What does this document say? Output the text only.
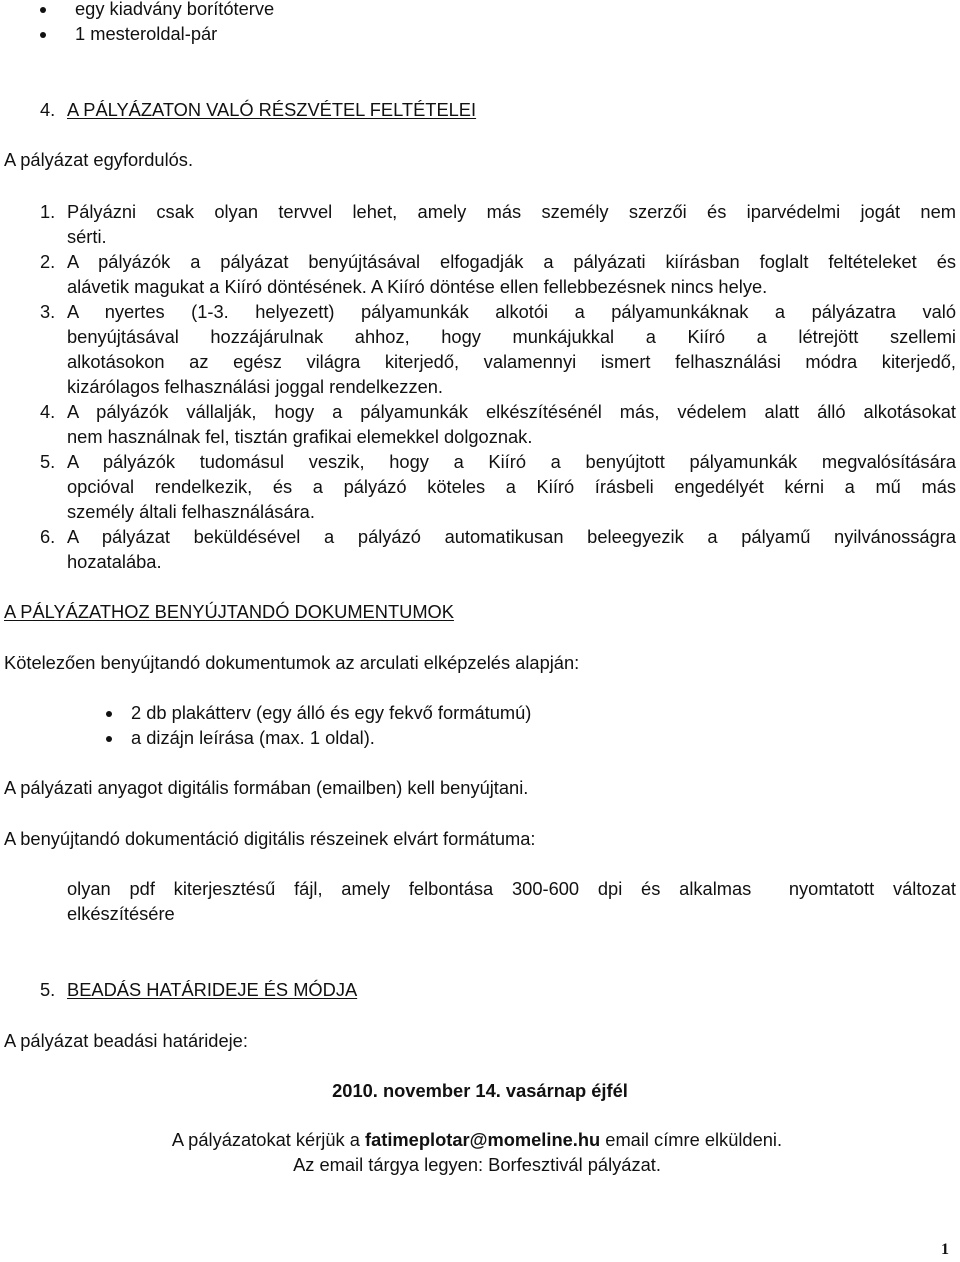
egy kiadvány borítóterve
1 mesteroldal-pár
4. A PÁLYÁZATON VALÓ RÉSZVÉTEL FELTÉTELEI
A pályázat egyfordulós.
1. Pályázni csak olyan tervvel lehet, amely más személy szerzői és iparvédelmi jogát nem
sérti.
2. A pályázók a pályázat benyújtásával elfogadják a pályázati kiírásban foglalt feltételeket és
alávetik magukat a Kiíró döntésének. A Kiíró döntése ellen fellebbezésnek nincs helye.
3. A nyertes (1-3. helyezett) pályamunkák alkotói a pályamunkáknak a pályázatra való
benyújtásával hozzájárulnak ahhoz, hogy munkájukkal a Kiíró a létrejött szellemi
alkotásokon az egész világra kiterjedő, valamennyi ismert felhasználási módra kiterjedő,
kizárólagos felhasználási joggal rendelkezzen.
4. A pályázók vállalják, hogy a pályamunkák elkészítésénél más, védelem alatt álló alkotásokat
nem használnak fel, tisztán grafikai elemekkel dolgoznak.
5. A pályázók tudomásul veszik, hogy a Kiíró a benyújtott pályamunkák megvalósítására
opcióval rendelkezik, és a pályázó köteles a Kiíró írásbeli engedélyét kérni a mű más
személy általi felhasználására.
6. A pályázat beküldésével a pályázó automatikusan beleegyezik a pályamű nyilvánosságra
hozatalába.
A PÁLYÁZATHOZ BENYÚJTANDÓ DOKUMENTUMOK
Kötelezően benyújtandó dokumentumok az arculati elképzelés alapján:
2 db plakátterv (egy álló és egy fekvő formátumú)
a dizájn leírása (max. 1 oldal).
A pályázati anyagot digitális formában (emailben) kell benyújtani.
A benyújtandó dokumentáció digitális részeinek elvárt formátuma:
olyan pdf kiterjesztésű fájl, amely felbontása 300-600 dpi és alkalmas  nyomtatott változat
elkészítésére
5. BEADÁS HATÁRIDEJE ÉS MÓDJA
A pályázat beadási határideje:
2010. november 14. vasárnap éjfél
A pályázatokat kérjük a fatimeplotar@momeline.hu email címre elküldeni.
Az email tárgya legyen: Borfesztivál pályázat.
1
